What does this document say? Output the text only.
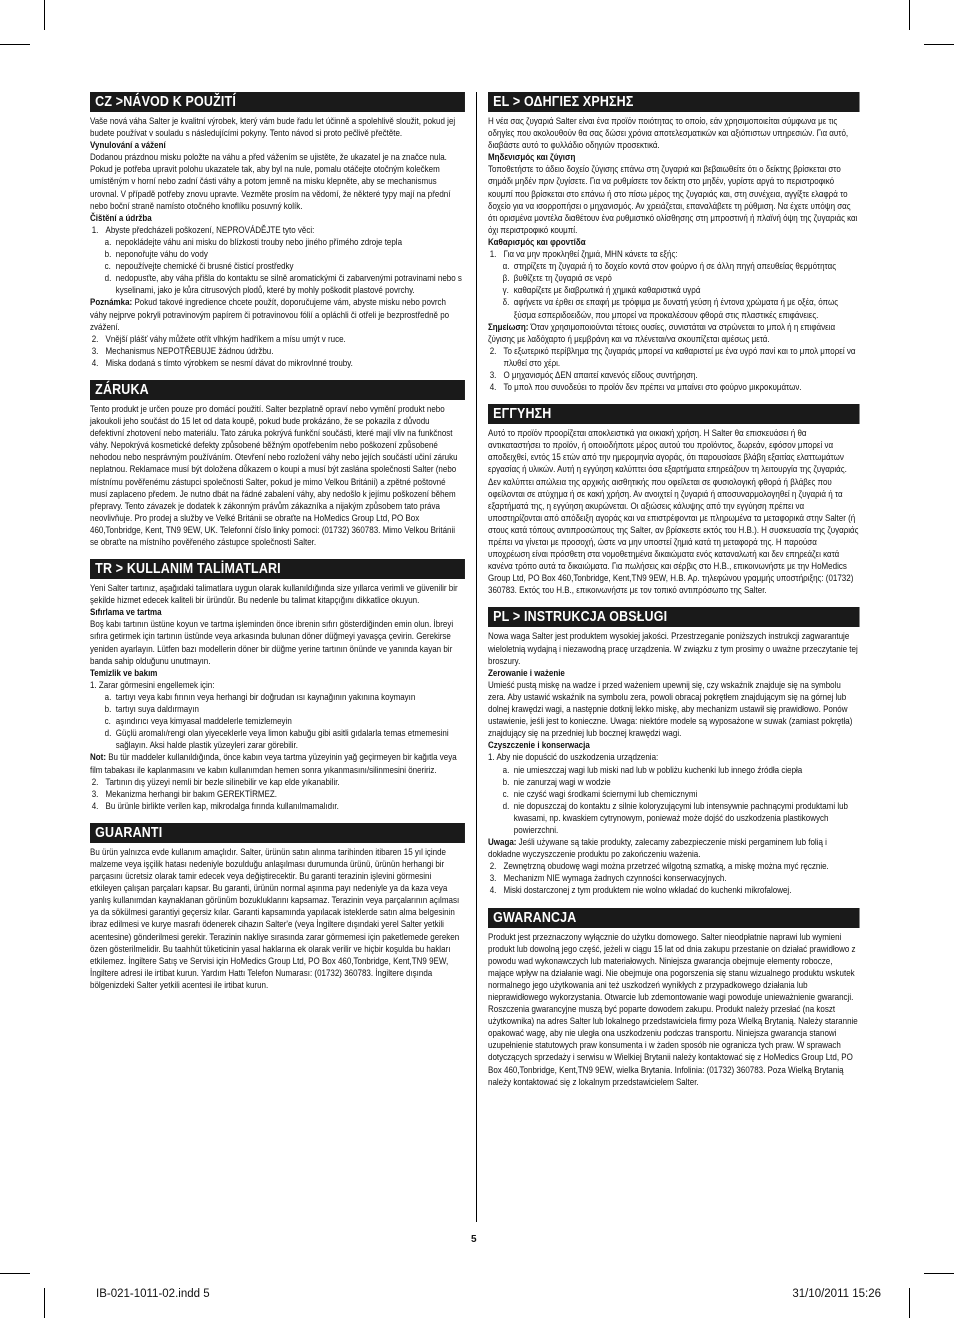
CZ >NÁVOD K POUŽITÍ

Vaše nová váha Salter je kvalitní výrobek, který vám bude řadu let účinně a spolehlivě sloužit, pokud jej budete používat v souladu s následujícími pokyny. Tento návod si proto pečlivě přečtěte.

Vynulování a vážení

Dodanou prázdnou misku položte na váhu a před vážením se ujistěte, že ukazatel je na značce nula. Pokud je potřeba upravit polohu ukazatele tak, aby byl na nule, pomalu otáčejte otočným kolečkem umístěným v horní nebo zadní části váhy a potom jemně na misku klepněte, aby se mechanismus urovnal. V případě potřeby znovu upravte. Vezměte prosím na vědomí, že některé typy mají na přední nebo boční straně namísto otočného knoflíku posuvný kolík.

Čištění a údržba

1. Abyste předcházeli poškození, NEPROVÁDĚJTE tyto věci:
a. nepokládejte váhu ani misku do blízkosti trouby nebo jiného přímého zdroje tepla
b. neponořujte váhu do vody
c. nepoužívejte chemické či brusné čisticí prostředky
d. nedopusťte, aby váha přišla do kontaktu se silně aromatickými či zabarvenými potravinami nebo s kyselinami, jako je kůra citrusových plodů, které by mohly poškodit plastové povrchy.

Poznámka: Pokud takové ingredience chcete použít, doporučujeme vám, abyste misku nebo povrch váhy nejprve pokryli potravinovým papírem či potravinovou fólií a opláchli či otřeli je bezprostředně po zvážení.

2. Vnější plášť váhy můžete otřít vlhkým hadříkem a mísu umýt v ruce.
3. Mechanismus NEPOTŘEBUJE žádnou údržbu.
4. Miska dodaná s tímto výrobkem se nesmí dávat do mikrovlnné trouby.
ZÁRUKA

Tento produkt je určen pouze pro domácí použití. Salter bezplatně opraví nebo vymění produkt nebo jakoukoli jeho součást do 15 let od data koupě, pokud bude prokázáno, že se pokazila z důvodu defektivní zhotovení nebo materiálu. Tato záruka pokrývá funkční součásti, které mají vliv na funkčnost váhy. Nepokrývá kosmetické defekty způsobené běžným opotřebením nebo poškození způsobené nehodou nebo nesprávným používáním. Otevření nebo rozložení váhy nebo jejích součástí učiní záruku neplatnou. Reklamace musí být doložena důkazem o koupi a musí být zaslána společnosti Salter (nebo místnímu pověřenému zástupci společnosti Salter, pokud je mimo Velkou Británii) a zpětné poštovné musí zaplaceno předem. Je nutno dbát na řádné zabalení váhy, aby nedošlo k jejímu poškození během přepravy. Tento závazek je dodatek k zákonným právům zákazníka a nijakým způsobem tato práva neovlivňuje. Pro prodej a služby ve Velké Británii se obraťte na HoMedics Group Ltd, PO Box 460,Tonbridge, Kent, TN9 9EW, UK. Telefonní číslo linky pomoci: (01732) 360783. Mimo Velkou Británii se obraťte na místního pověřeného zástupce společnosti Salter.

TR > KULLANIM TALİMATLARI

Yeni Salter tartınız, aşağıdaki talimatlara uygun olarak kullanıldığında size yıllarca verimli ve güvenilir bir şekilde hizmet edecek kaliteli bir üründür. Bu nedenle bu talimat kitapçığını dikkatlice okuyun.

Sıfırlama ve tartma

Boş kabı tartının üstüne koyun ve tartma işleminden önce ibrenin sıfırı gösterdiğinden emin olun. İbreyi sıfıra getirmek için tartının üstünde veya arkasında bulunan döner düğmeyi yavaşça çevirin. Gerekirse yeniden ayarlayın. Lütfen bazı modellerin döner bir düğme yerine tartının önünde ve yanında kayan bir banda sahip olduğunu unutmayın.

Temizlik ve bakım

1. Zarar görmesini engellemek için:

a. tartıyı veya kabı fırının veya herhangi bir doğrudan ısı kaynağının yakınına koymayın
b. tartıyı suya daldırmayın
c. aşındırıcı veya kimyasal maddelerle temizlemeyin
d. Güçlü aromalı/rengi olan yiyeceklerle veya limon kabuğu gibi asitli gıdalarla temas etmemesini sağlayın. Aksi halde plastik yüzeyleri zarar görebilir.

Not: Bu tür maddeler kullanıldığında, önce kabın veya tartma yüzeyinin yağ geçirmeyen bir kağıtla veya film tabakası ile kaplanmasını ve kabın kullanımdan hemen sonra yıkanmasını/silinmesini öneririz.

2. Tartının dış yüzeyi nemli bir bezle silinebilir ve kap elde yıkanabilir.
3. Mekanizma herhangi bir bakım GEREKTİRMEZ.
4. Bu ürünle birlikte verilen kap, mikrodalga fırında kullanılmamalıdır.
GUARANTI

Bu ürün yalnızca evde kullanım amaçlıdır. Salter, ürünün satın alınma tarihinden itibaren 15 yıl içinde malzeme veya işçilik hatası nedeniyle bozulduğu anlaşılması durumunda ürünü, ürünün herhangi bir parçasını ücretsiz olarak tamir edecek veya değiştirecektir. Bu garanti terazinin işlevini görmesini etkileyen çalışan parçaları kapsar. Bu garanti, ürünün normal aşınma payı nedeniyle ya da kaza veya yanlış kullanımdan kaynaklanan görünüm bozukluklarını kapsamaz. Terazinin veya parçalarının açılması ya da sökülmesi garantiyi geçersiz kılar. Garanti kapsamında yapılacak isteklerde satın alma belgesinin ibraz edilmesi ve kurye masrafı ödenerek cihazın Salter'e (veya İngiltere dışındaki yerel Salter yetkili acentesine) gönderilmesi gerekir. Terazinin nakliye sırasında zarar görmemesi için paketlemede gereken özen gösterilmelidir. Bu taahhüt tüketicinin yasal haklarına ek olarak verilir ve hiçbir koşulda bu hakları etkilemez. İngiltere Satış ve Servisi için HoMedics Group Ltd, PO Box 460,Tonbridge, Kent,TN9 9EW, İngiltere adresi ile irtibat kurun. Yardım Hattı Telefon Numarası: (01732) 360783. İngiltere dışında bölgenizdeki Salter yetkili acentesi ile irtibat kurun.

EL > ΟΔΗΓΙΕΣ ΧΡΗΣΗΣ

Η νέα σας ζυγαριά Salter είναι ένα προϊόν ποιότητας το οποίο, εάν χρησιμοποιείται σύμφωνα με τις οδηγίες που ακολουθούν θα σας δώσει χρόνια αποτελεσματικών και αξιόπιστων υπηρεσιών. Για αυτό, διαβάστε αυτό το φυλλάδιο οδηγιών προσεκτικά.

Μηδενισμός και ζύγιση

Τοποθετήστε το άδειο δοχείο ζύγισης επάνω στη ζυγαριά και βεβαιωθείτε ότι ο δείκτης βρίσκεται στο σημάδι μηδέν πριν ζυγίσετε. Για να ρυθμίσετε τον δείκτη στο μηδέν, γυρίστε αργά το περιστροφικό κουμπί που βρίσκεται στο επάνω ή στο πίσω μέρος της ζυγαριάς και, στη συνέχεια, αγγίξτε ελαφρά το δοχείο για να ισορροπήσει ο μηχανισμός. Αν χρειάζεται, επαναλάβετε τη ρύθμιση. Να έχετε υπόψη σας ότι ορισμένα μοντέλα διαθέτουν ένα ρυθμιστικό ολίσθησης στη μπροστινή ή πλαϊνή όψη της ζυγαριάς και όχι περιστροφικό κουμπί.

Καθαρισμός και φροντίδα

1. Για να μην προκληθεί ζημιά, ΜΗΝ κάνετε τα εξής:
α. στηρίζετε τη ζυγαριά ή το δοχείο κοντά στον φούρνο ή σε άλλη πηγή απευθείας θερμότητας
β. βυθίζετε τη ζυγαριά σε νερό
γ. καθαρίζετε με διαβρωτικά ή χημικά καθαριστικά υγρά
δ. αφήνετε να έρθει σε επαφή με τρόφιμα με δυνατή γεύση ή έντονα χρώματα ή με οξέα, όπως ξύσμα εσπεριδοειδών, που μπορεί να προκαλέσουν φθορά στις πλαστικές επιφάνειες.

Σημείωση: Όταν χρησιμοποιούνται τέτοιες ουσίες, συνιστάται να στρώνεται το μπολ ή η επιφάνεια ζύγισης με λαδόχαρτο ή μεμβράνη και να πλένεται/να σκουπίζεται αμέσως μετά.

2. Το εξωτερικό περίβλημα της ζυγαριάς μπορεί να καθαριστεί με ένα υγρό πανί και το μπολ μπορεί να πλυθεί στο χέρι.
3. Ο μηχανισμός ΔΕΝ απαιτεί κανενός είδους συντήρηση.
4. Το μπολ που συνοδεύει το προϊόν δεν πρέπει να μπαίνει στο φούρνο μικροκυμάτων.
ΕΓΓΥΗΣΗ

Αυτό το προϊόν προορίζεται αποκλειστικά για οικιακή χρήση. Η Salter θα επισκευάσει ή θα αντικαταστήσει το προϊόν, ή οποιοδήποτε μέρος αυτού του προϊόντος, δωρεάν, εφόσον μπορεί να αποδειχθεί, εντός 15 ετών από την ημερομηνία αγοράς, ότι παρουσίασε βλάβη εξαιτίας ελαττωμάτων εργασίας ή υλικών. Αυτή η εγγύηση καλύπτει όσα εξαρτήματα επηρεάζουν τη λειτουργία της ζυγαριάς. Δεν καλύπτει απώλεια της αρχικής αισθητικής που οφείλεται σε φυσιολογική φθορά ή βλάβες που οφείλονται σε ατύχημα ή σε κακή χρήση. Αν ανοιχτεί η ζυγαριά ή αποσυναρμολογηθεί η ζυγαριά ή τα εξαρτήματά της, η εγγύηση ακυρώνεται. Οι αξιώσεις κάλυψης από την εγγύηση πρέπει να υποστηρίζονται από απόδειξη αγοράς και να επιστρέφονται με πληρωμένα τα μεταφορικά στην Salter (ή στους κατά τόπους αντιπροσώπους της Salter, αν βρίσκεστε εκτός του Η.Β.). Η συσκευασία της ζυγαριάς πρέπει να γίνεται με προσοχή, ώστε να μην υποστεί ζημιά κατά τη μεταφορά της. Η παρούσα υποχρέωση είναι πρόσθετη στα νομοθετημένα δικαιώματα ενός καταναλωτή και δεν επηρεάζει κατά κανένα τρόπο αυτά τα δικαιώματα. Για πωλήσεις και σέρβις στο Η.Β., επικοινωνήστε με την HoMedics Group Ltd, PO Box 460,Tonbridge, Kent,TN9 9EW, Η.Β. Αρ. τηλεφώνου γραμμής υποστήριξης: (01732) 360783. Εκτός του Η.Β., επικοινωνήστε με τον τοπικό αντιπρόσωπο της Salter.

PL > INSTRUKCJA OBSŁUGI

Nowa waga Salter jest produktem wysokiej jakości. Przestrzeganie poniższych instrukcji zagwarantuje wieloletnią wydajną i niezawodną pracę urządzenia. W związku z tym prosimy o uważne przeczytanie tej broszury.

Zerowanie i ważenie

Umieść pustą miskę na wadze i przed ważeniem upewnij się, czy wskaźnik znajduje się na symbolu zera. Aby ustawić wskaźnik na symbolu zera, powoli obracaj pokrętłem znajdującym się na górnej lub dolnej krawędzi wagi, a następnie dotknij lekko miskę, aby mechanizm ustawił się prawidłowo. Ponów ustawienie, jeśli jest to konieczne. Uwaga: niektóre modele są wyposażone w suwak (zamiast pokrętła) znajdujący się na przedniej lub bocznej krawędzi wagi.

Czyszczenie i konserwacja

1. Aby nie dopuścić do uszkodzenia urządzenia:

a. nie umieszczaj wagi lub miski nad lub w pobliżu kuchenki lub innego źródła ciepła
b. nie zanurzaj wagi w wodzie
c. nie czyść wagi środkami ściernymi lub chemicznymi
d. nie dopuszczaj do kontaktu z silnie koloryzującymi lub intensywnie pachnącymi produktami lub kwasami, np. kwaskiem cytrynowym, ponieważ może dojść do uszkodzenia plastikowych powierzchni.

Uwaga: Jeśli używane są takie produkty, zalecamy zabezpieczenie miski pergaminem lub folią i dokładne wyczyszczenie produktu po zakończeniu ważenia.

2. Zewnętrzną obudowę wagi można przetrzeć wilgotną szmatką, a miskę można myć ręcznie.
3. Mechanizm NIE wymaga żadnych czynności konserwacyjnych.
4. Miski dostarczonej z tym produktem nie wolno wkładać do kuchenki mikrofalowej.
GWARANCJA

Produkt jest przeznaczony wyłącznie do użytku domowego. Salter nieodpłatnie naprawi lub wymieni produkt lub dowolną jego część, jeżeli w ciągu 15 lat od dnia zakupu przestanie on działać prawidłowo z powodu wad wykonawczych lub materiałowych. Niniejsza gwarancja obejmuje elementy robocze, mające wpływ na działanie wagi. Nie obejmuje ona pogorszenia się stanu wizualnego produktu wskutek normalnego jego użytkowania ani też uszkodzeń wynikłych z przypadkowego działania lub nieprawidłowego wykorzystania. Otwarcie lub zdemontowanie wagi powoduje unieważnienie gwarancji. Roszczenia gwarancyjne muszą być poparte dowodem zakupu. Produkt należy przesłać (na koszt użytkownika) na adres Salter lub lokalnego przedstawiciela firmy poza Wielką Brytanią. Należy starannie opakować wagę, aby nie uległa ona uszkodzeniu podczas transportu. Niniejsza gwarancja stanowi uzupełnienie statutowych praw konsumenta i w żaden sposób nie ogranicza tych praw. W sprawach dotyczących sprzedaży i serwisu w Wielkiej Brytanii należy kontaktować się z HoMedics Group Ltd, PO Box 460,Tonbridge, Kent,TN9 9EW, wielka Brytania. Infolinia: (01732) 360783. Poza Wielką Brytanią należy kontaktować się z lokalnym przedstawicielem Salter.

5
IB-021-1011-02.indd 5	31/10/2011 15:26
